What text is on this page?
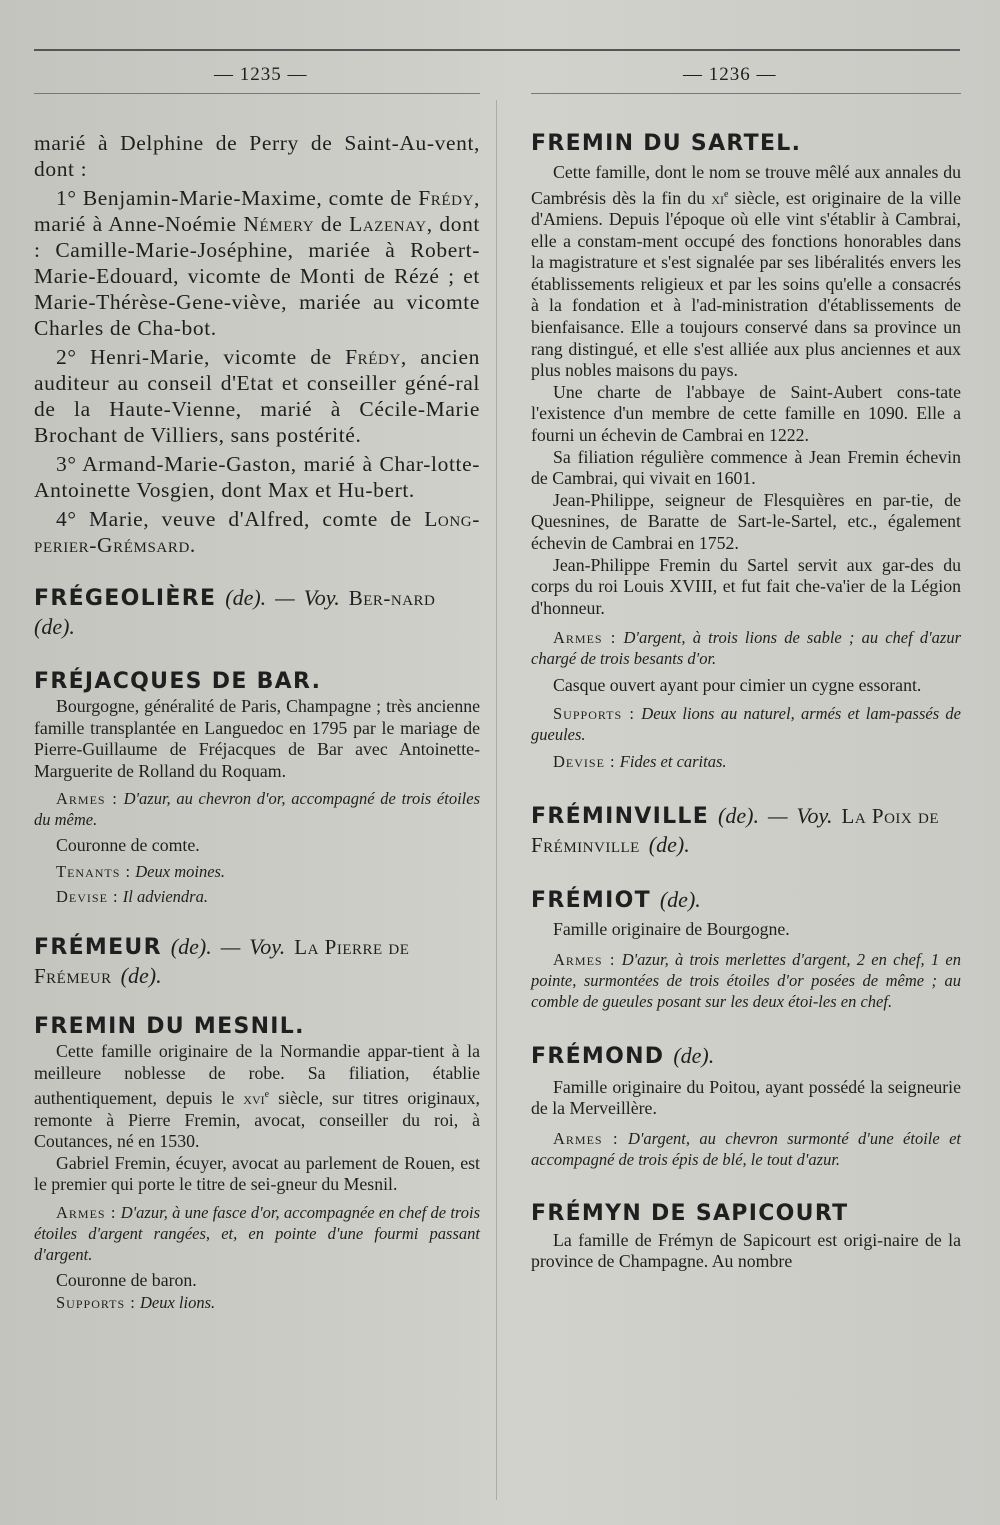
— 1235 —	— 1236 —

marié à Delphine de Perry de Saint-Au-vent, dont :

1° Benjamin-Marie-Maxime, comte de Frédy, marié à Anne-Noémie Némery de Lazenay, dont : Camille-Marie-Joséphine, mariée à Robert-Marie-Edouard, vicomte de Monti de Rézé ; et Marie-Thérèse-Gene-viève, mariée au vicomte Charles de Cha-bot.

2° Henri-Marie, vicomte de Frédy, ancien auditeur au conseil d'Etat et conseiller géné-ral de la Haute-Vienne, marié à Cécile-Marie Brochant de Villiers, sans postérité.

3° Armand-Marie-Gaston, marié à Char-lotte-Antoinette Vosgien, dont Max et Hu-bert.

4° Marie, veuve d'Alfred, comte de Long-perier-Grémsard.

FRÉGEOLIÈRE (de). — Voy. Ber-nard (de).

FRÉJACQUES DE BAR.

Bourgogne, généralité de Paris, Champagne ; très ancienne famille transplantée en Languedoc en 1795 par le mariage de Pierre-Guillaume de Fréjacques de Bar avec Antoinette-Marguerite de Rolland du Roquam.

Armes : D'azur, au chevron d'or, accompagné de trois étoiles du même.

Couronne de comte.

Tenants : Deux moines.

Devise : Il adviendra.

FRÉMEUR (de). — Voy. La Pierre de Frémeur (de).

FREMIN DU MESNIL.

Cette famille originaire de la Normandie appar-tient à la meilleure noblesse de robe. Sa filiation, établie authentiquement, depuis le xvi$^e$ siècle, sur titres originaux, remonte à Pierre Fremin, avocat, conseiller du roi, à Coutances, né en 1530.

Gabriel Fremin, écuyer, avocat au parlement de Rouen, est le premier qui porte le titre de sei-gneur du Mesnil.

Armes : D'azur, à une fasce d'or, accompagnée en chef de trois étoiles d'argent rangées, et, en pointe d'une fourmi passant d'argent.

Couronne de baron.

Supports : Deux lions.

FREMIN DU SARTEL.

Cette famille, dont le nom se trouve mêlé aux annales du Cambrésis dès la fin du $xi^e$ siècle, est originaire de la ville d'Amiens. Depuis l'époque où elle vint s'établir à Cambrai, elle a constam-ment occupé des fonctions honorables dans la magistrature et s'est signalée par ses libéralités envers les établissements religieux et par les soins qu'elle a consacrés à la fondation et à l'ad-ministration d'établissements de bienfaisance. Elle a toujours conservé dans sa province un rang distingué, et elle s'est alliée aux plus anciennes et aux plus nobles maisons du pays.

Une charte de l'abbaye de Saint-Aubert cons-tate l'existence d'un membre de cette famille en 1090. Elle a fourni un échevin de Cambrai en 1222.

Sa filiation régulière commence à Jean Fremin échevin de Cambrai, qui vivait en 1601.

Jean-Philippe, seigneur de Flesquières en par-tie, de Quesnines, de Baratte de Sart-le-Sartel, etc., également échevin de Cambrai en 1752.

Jean-Philippe Fremin du Sartel servit aux gar-des du corps du roi Louis XVIII, et fut fait che-va'ier de la Légion d'honneur.

Armes : D'argent, à trois lions de sable ; au chef d'azur chargé de trois besants d'or.

Casque ouvert ayant pour cimier un cygne essorant.

Supports : Deux lions au naturel, armés et lam-passés de gueules.

Devise : Fides et caritas.

FRÉMINVILLE (de). — Voy. La Poix de Fréminville (de).

FRÉMIOT (de).

Famille originaire de Bourgogne.

Armes : D'azur, à trois merlettes d'argent, 2 en chef, 1 en pointe, surmontées de trois étoiles d'or posées de même ; au comble de gueules posant sur les deux étoi-les en chef.

FRÉMOND (de).

Famille originaire du Poitou, ayant possédé la seigneurie de la Merveillère.

Armes : D'argent, au chevron surmonté d'une étoile et accompagné de trois épis de blé, le tout d'azur.

FRÉMYN DE SAPICOURT

La famille de Frémyn de Sapicourt est origi-naire de la province de Champagne. Au nombre
